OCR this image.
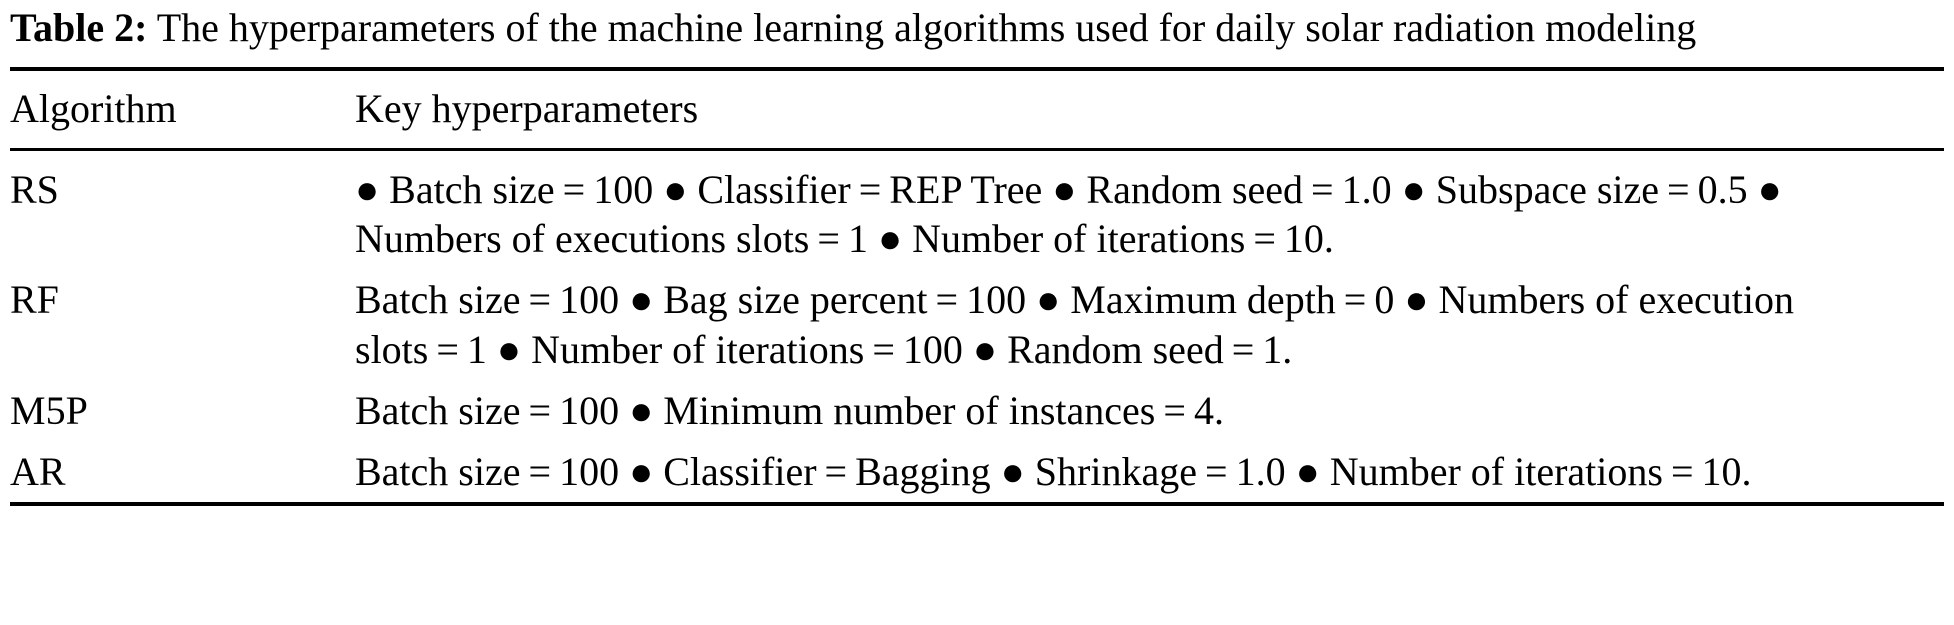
Table 2: The hyperparameters of the machine learning algorithms used for daily solar radiation modeling
Algorithm	Key hyperparameters
RS	● Batch size = 100 ● Classifier = REP Tree ● Random seed = 1.0 ● Subspace size = 0.5 ● Numbers of executions slots = 1 ● Number of iterations = 10.

RF	Batch size = 100 ● Bag size percent = 100 ● Maximum depth = 0 ● Numbers of execution slots = 1 ● Number of iterations = 100 ● Random seed = 1.

M5P	Batch size = 100 ● Minimum number of instances = 4.

AR	Batch size = 100 ● Classifier = Bagging ● Shrinkage = 1.0 ● Number of iterations = 10.
